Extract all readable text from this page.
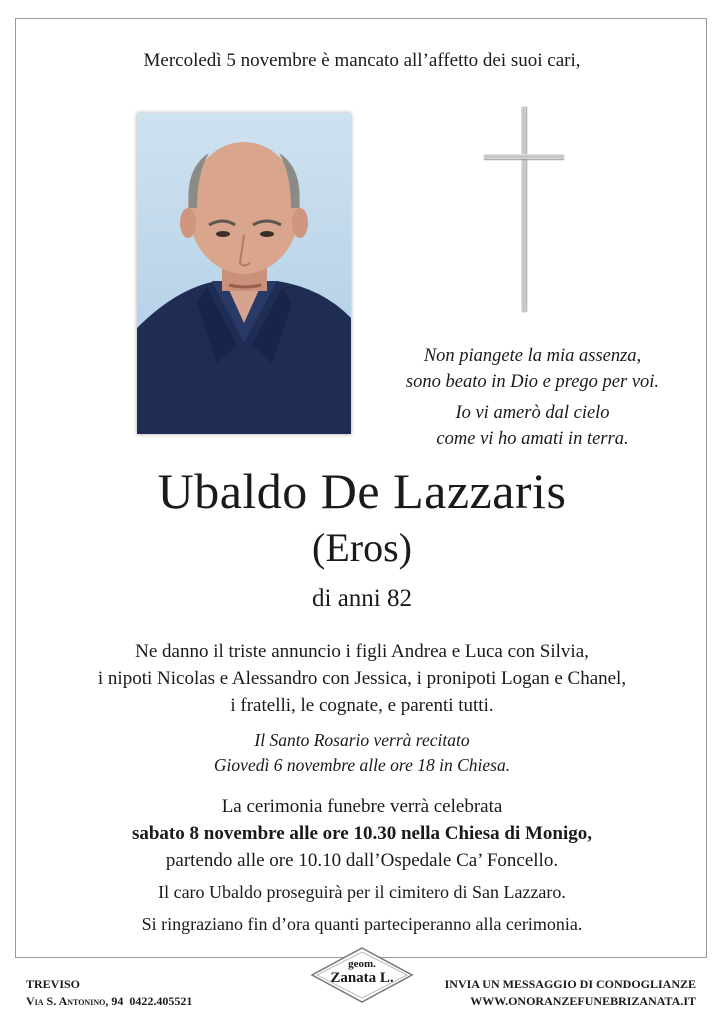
Mercoledì 5 novembre è mancato all’affetto dei suoi cari,
Non piangete la mia assenza,
sono beato in Dio e prego per voi.
Io vi amerò dal cielo
come vi ho amati in terra.
Ubaldo De Lazzaris
(Eros)
di anni 82
Ne danno il triste annuncio i figli Andrea e Luca con Silvia,
i nipoti Nicolas e Alessandro con Jessica, i pronipoti Logan e Chanel,
i fratelli, le cognate, e parenti tutti.
Il Santo Rosario verrà recitato
Giovedì 6 novembre alle ore 18 in Chiesa.
La cerimonia funebre verrà celebrata
sabato 8 novembre alle ore 10.30 nella Chiesa di Monigo,
partendo alle ore 10.10 dall’Ospedale Ca’ Foncello.
Il caro Ubaldo proseguirà per il cimitero di San Lazzaro.
Si ringraziano fin d’ora quanti parteciperanno alla cerimonia.
TREVISO
Via S. Antonino, 94 0422.405521
geom.
Zanata L.	INVIA UN MESSAGGIO DI CONDOGLIANZE
WWW.ONORANZEFUNEBRIZANATA.IT
